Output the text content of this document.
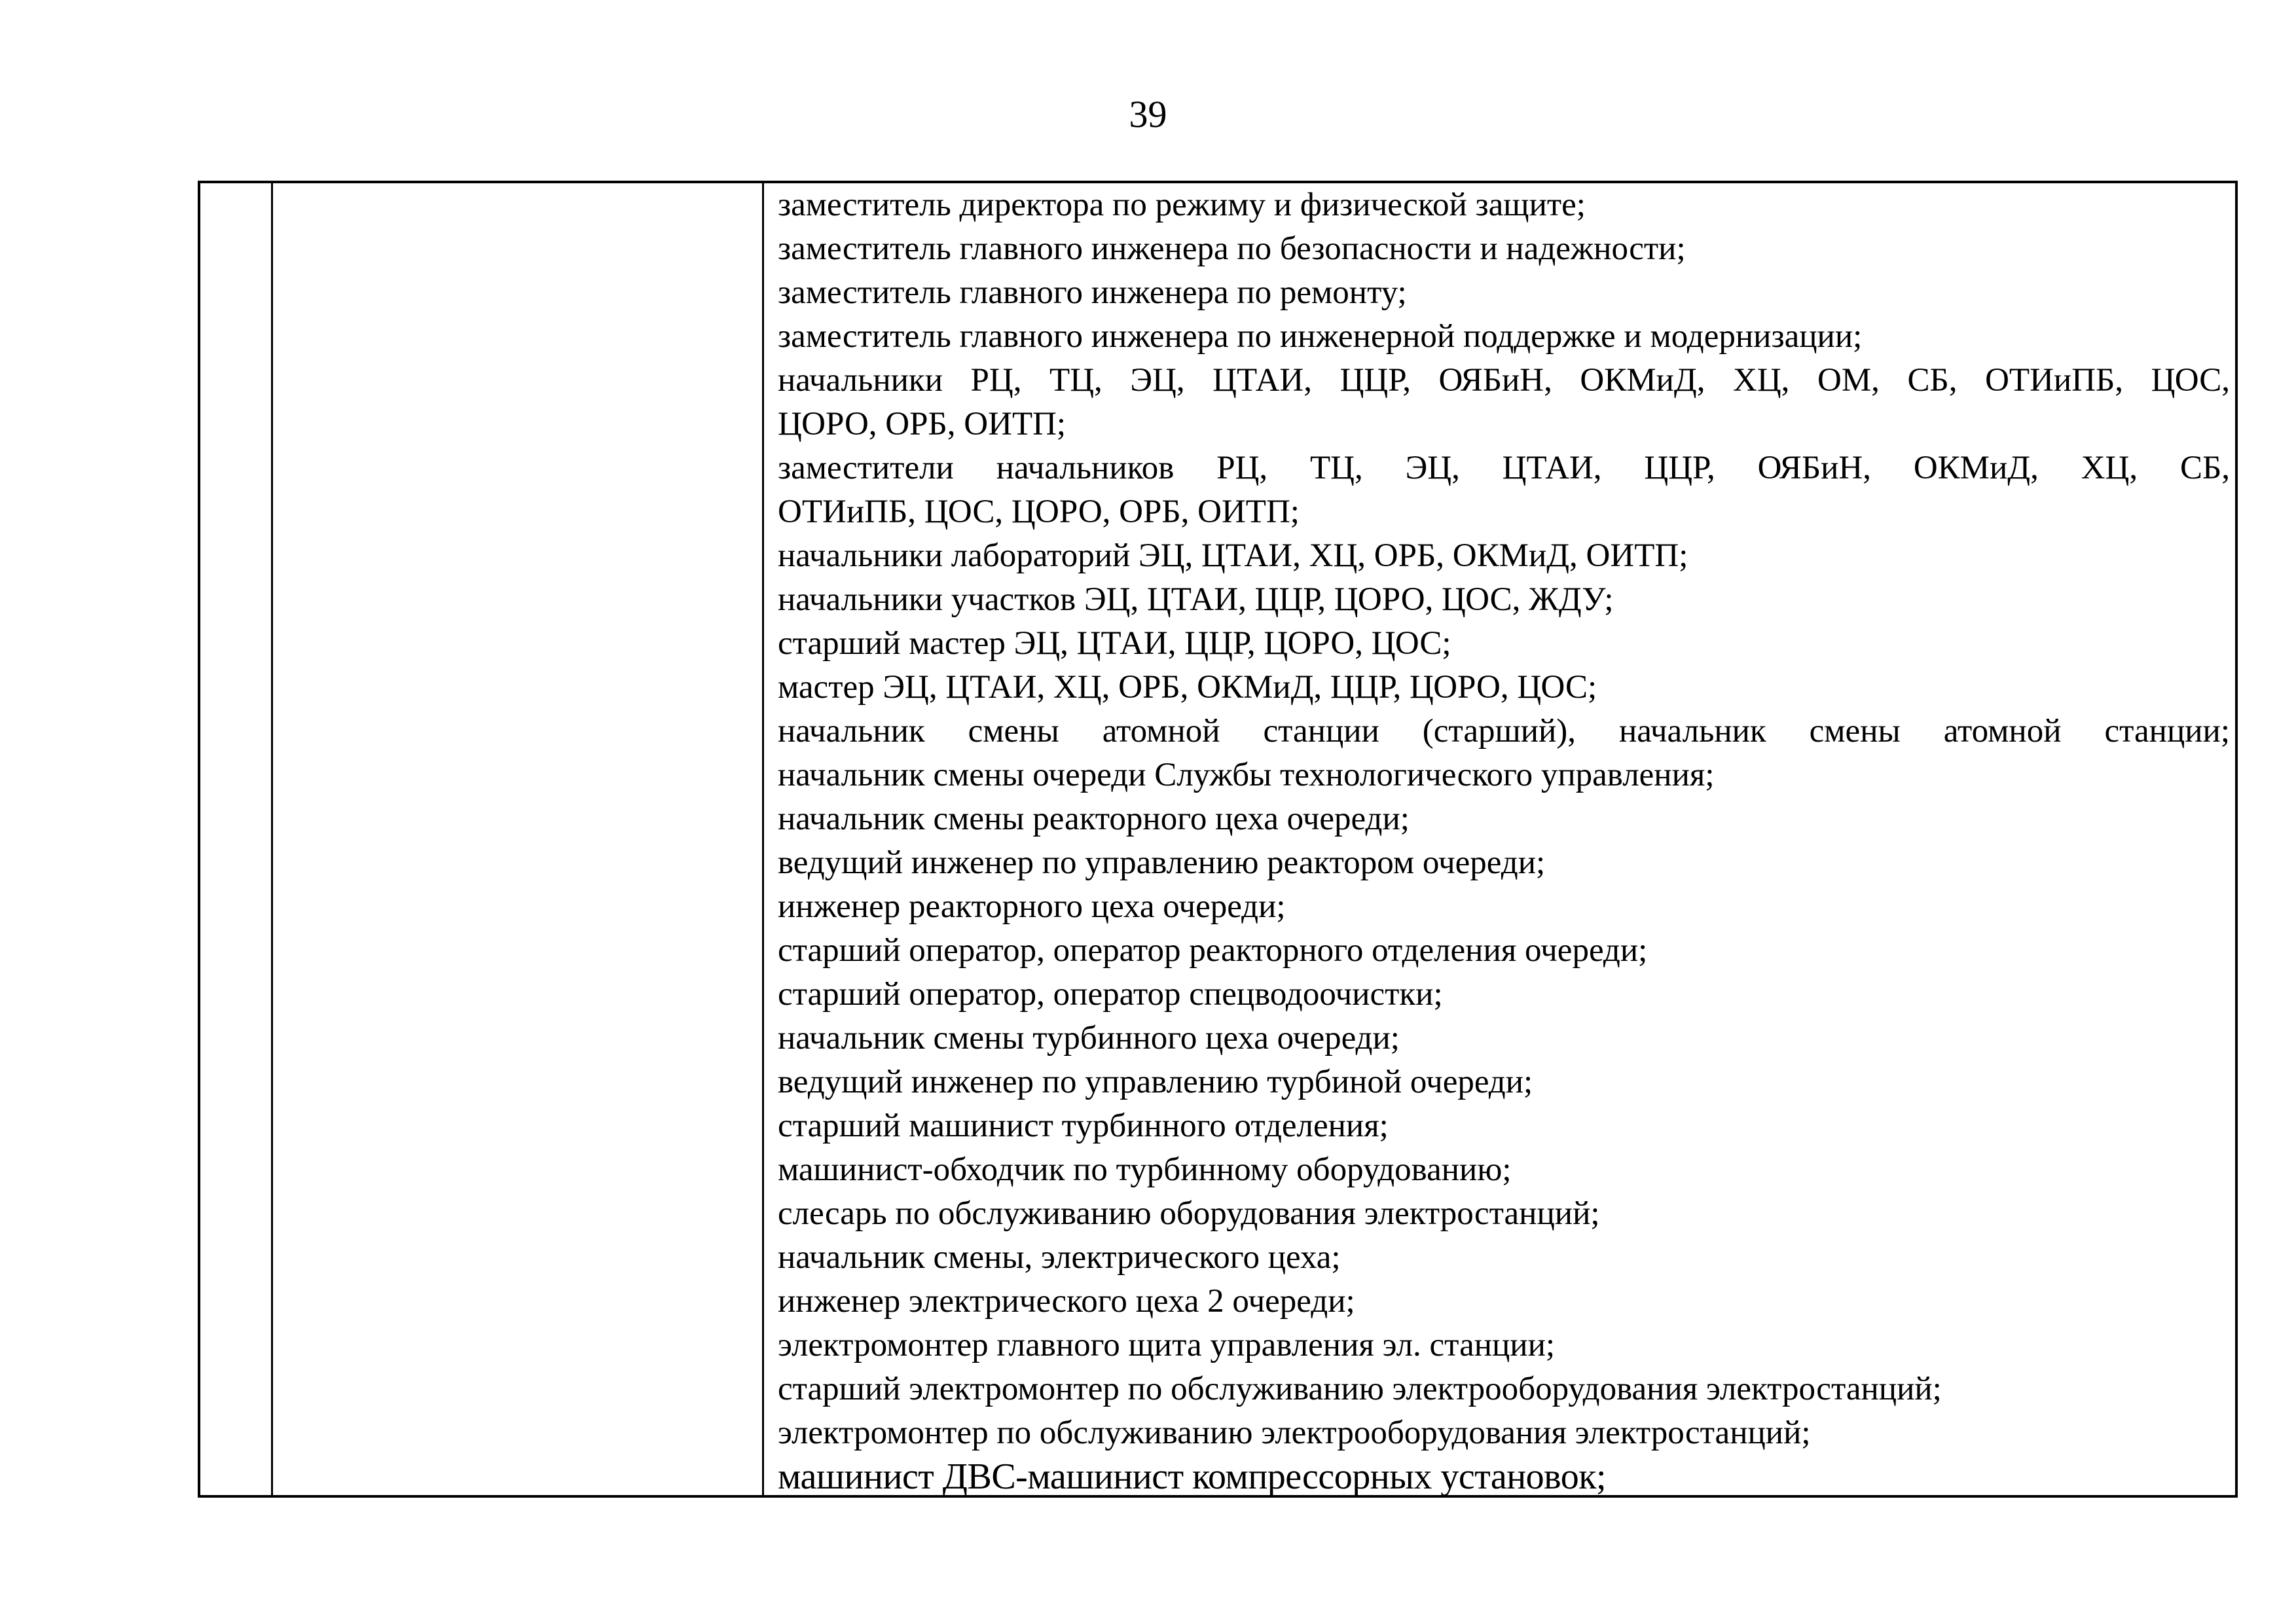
39
заместитель директора по режиму и физической защите;
заместитель главного инженера по безопасности и надежности;
заместитель главного инженера по ремонту;
заместитель главного инженера по инженерной поддержке и модернизации;
начальники РЦ, ТЦ, ЭЦ, ЦТАИ, ЦЦР, ОЯБиН, ОКМиД, ХЦ, ОМ, СБ, ОТИиПБ, ЦОС,
ЦОРО, ОРБ, ОИТП;
заместители начальников РЦ, ТЦ, ЭЦ, ЦТАИ, ЦЦР, ОЯБиН, ОКМиД, ХЦ, СБ,
ОТИиПБ, ЦОС, ЦОРО, ОРБ, ОИТП;
начальники лабораторий ЭЦ, ЦТАИ, ХЦ, ОРБ, ОКМиД, ОИТП;
начальники участков ЭЦ, ЦТАИ, ЦЦР, ЦОРО, ЦОС, ЖДУ;
старший мастер ЭЦ, ЦТАИ, ЦЦР, ЦОРО, ЦОС;
мастер ЭЦ, ЦТАИ, ХЦ, ОРБ, ОКМиД, ЦЦР, ЦОРО, ЦОС;
начальник смены атомной станции (старший), начальник смены атомной станции;
начальник смены очереди Службы технологического управления;
начальник смены реакторного цеха очереди;
ведущий инженер по управлению реактором очереди;
инженер реакторного цеха очереди;
старший оператор, оператор реакторного отделения очереди;
старший оператор, оператор спецводоочистки;
начальник смены турбинного цеха очереди;
ведущий инженер по управлению турбиной очереди;
старший машинист турбинного отделения;
машинист-обходчик по турбинному оборудованию;
слесарь по обслуживанию оборудования электростанций;
начальник смены, электрического цеха;
инженер электрического цеха 2 очереди;
электромонтер главного щита управления эл. станции;
старший электромонтер по обслуживанию электрооборудования электростанций;
электромонтер по обслуживанию электрооборудования электростанций;
машинист ДВС-машинист компрессорных установок;
